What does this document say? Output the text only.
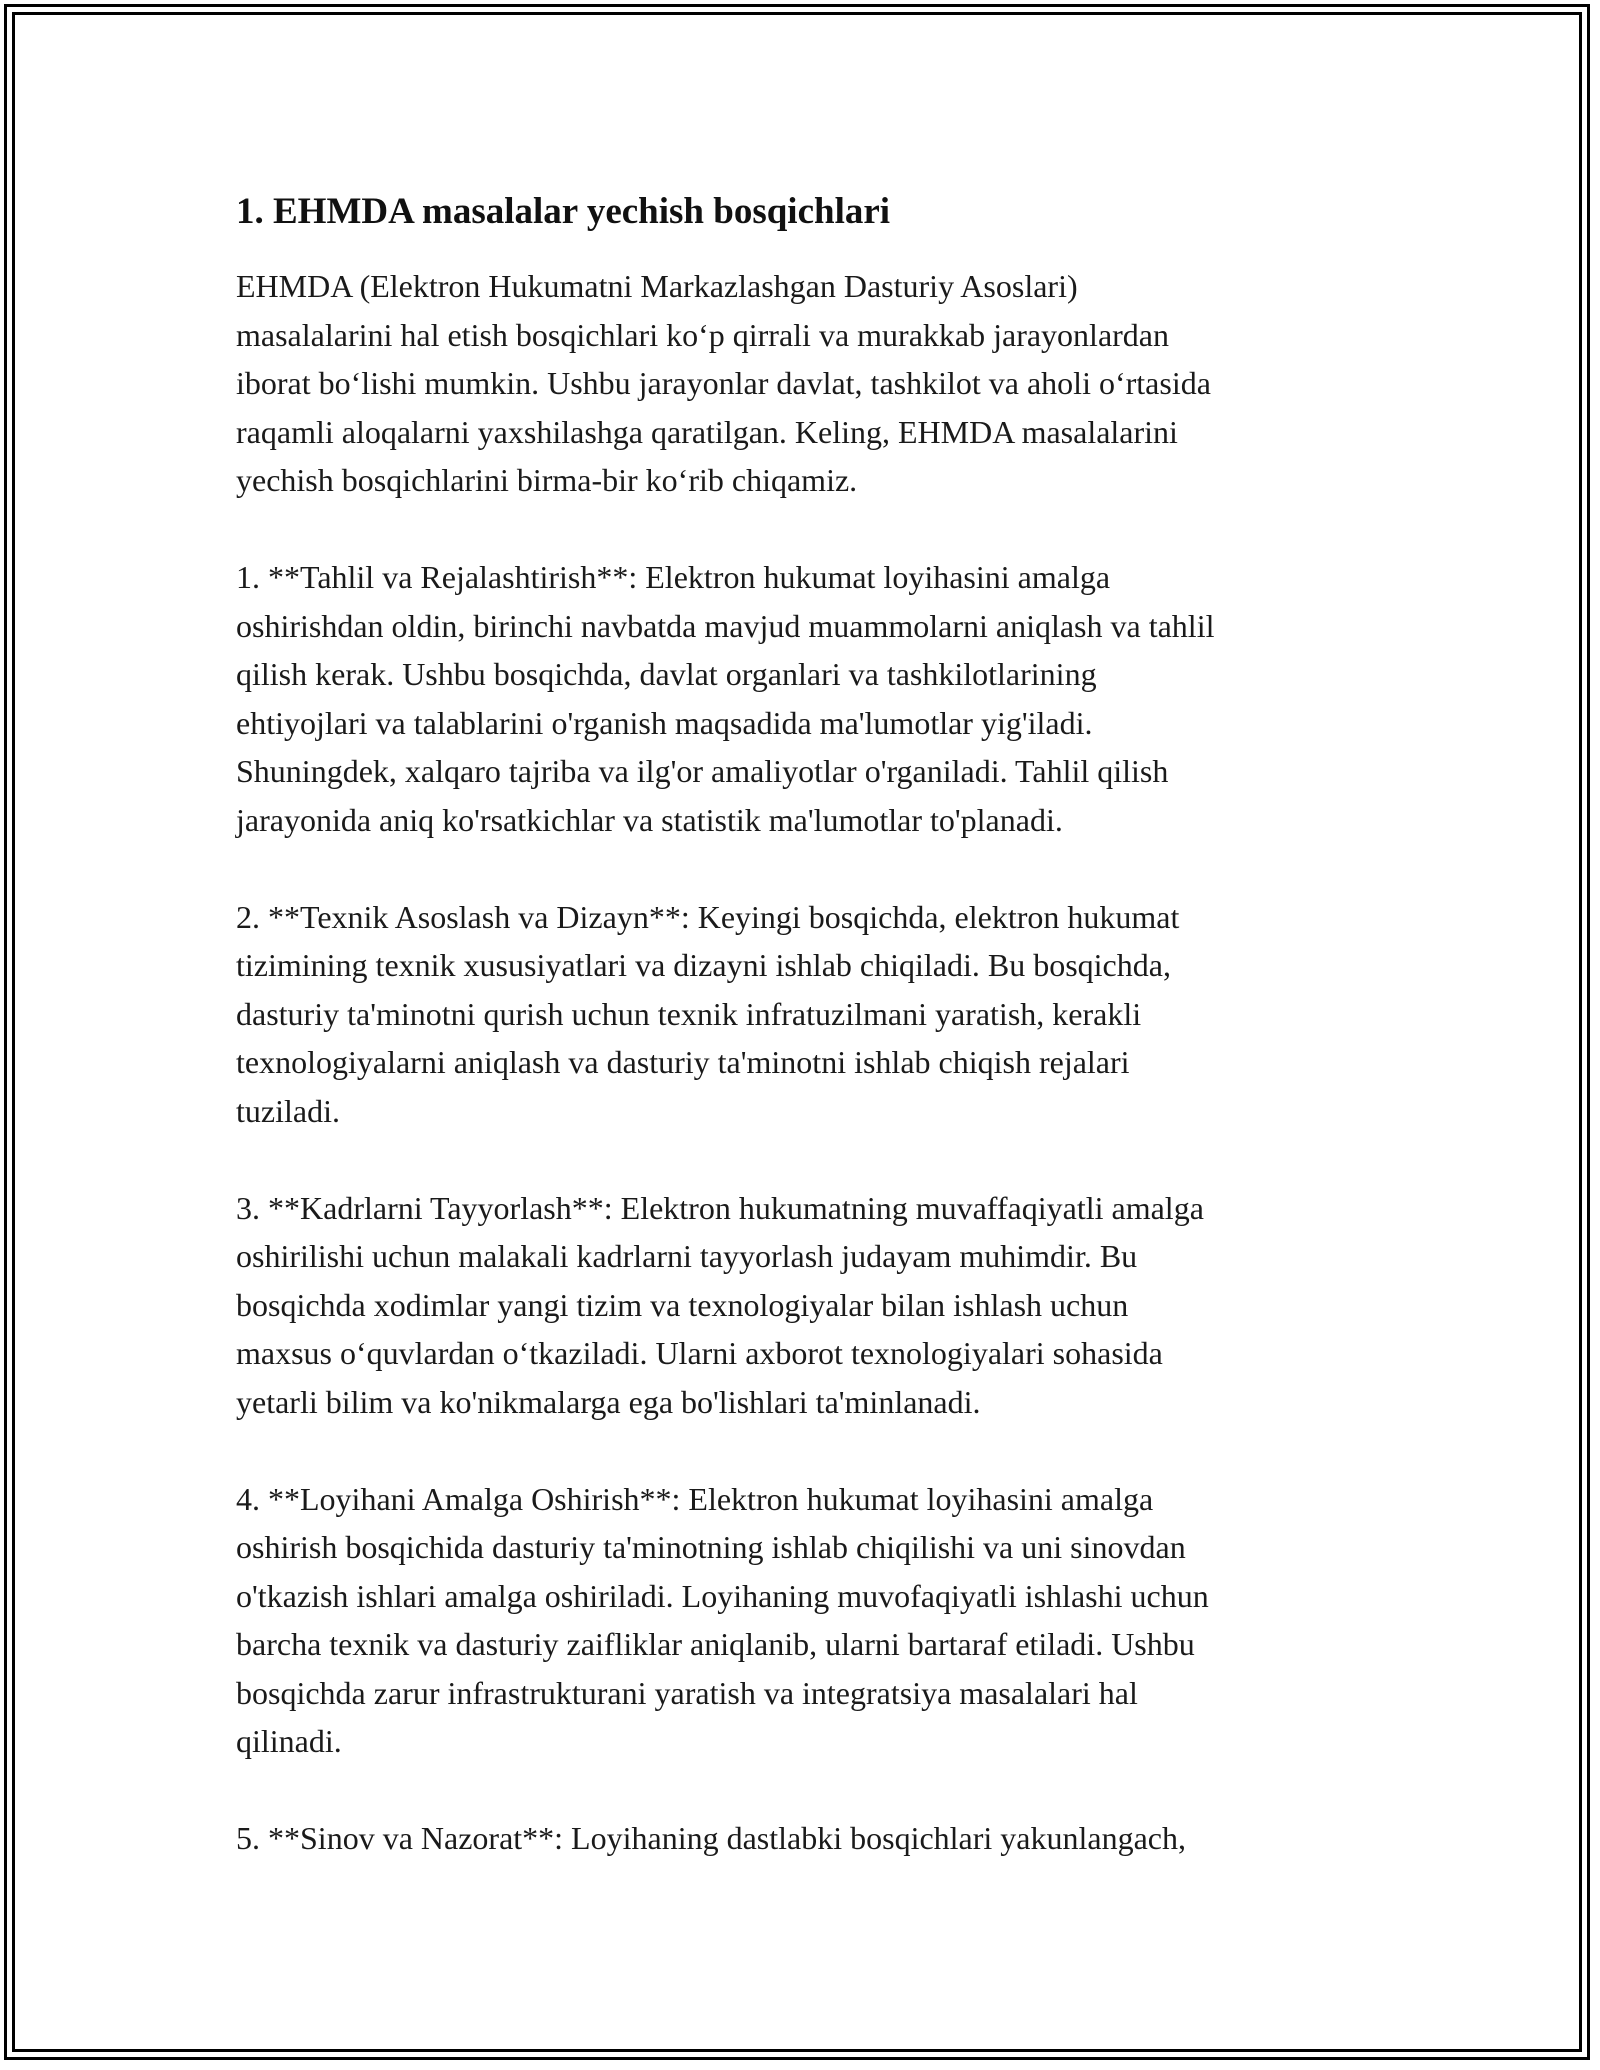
1. EHMDA masalalar yechish bosqichlari

EHMDA (Elektron Hukumatni Markazlashgan Dasturiy Asoslari)
masalalarini hal etish bosqichlari ko‘p qirrali va murakkab jarayonlardan
iborat bo‘lishi mumkin. Ushbu jarayonlar davlat, tashkilot va aholi o‘rtasida
raqamli aloqalarni yaxshilashga qaratilgan. Keling, EHMDA masalalarini
yechish bosqichlarini birma-bir ko‘rib chiqamiz.

1. **Tahlil va Rejalashtirish**: Elektron hukumat loyihasini amalga
oshirishdan oldin, birinchi navbatda mavjud muammolarni aniqlash va tahlil
qilish kerak. Ushbu bosqichda, davlat organlari va tashkilotlarining
ehtiyojlari va talablarini o'rganish maqsadida ma'lumotlar yig'iladi.
Shuningdek, xalqaro tajriba va ilg'or amaliyotlar o'rganiladi. Tahlil qilish
jarayonida aniq ko'rsatkichlar va statistik ma'lumotlar to'planadi.

2. **Texnik Asoslash va Dizayn**: Keyingi bosqichda, elektron hukumat
tizimining texnik xususiyatlari va dizayni ishlab chiqiladi. Bu bosqichda,
dasturiy ta'minotni qurish uchun texnik infratuzilmani yaratish, kerakli
texnologiyalarni aniqlash va dasturiy ta'minotni ishlab chiqish rejalari
tuziladi.

3. **Kadrlarni Tayyorlash**: Elektron hukumatning muvaffaqiyatli amalga
oshirilishi uchun malakali kadrlarni tayyorlash judayam muhimdir. Bu
bosqichda xodimlar yangi tizim va texnologiyalar bilan ishlash uchun
maxsus o‘quvlardan o‘tkaziladi. Ularni axborot texnologiyalari sohasida
yetarli bilim va ko'nikmalarga ega bo'lishlari ta'minlanadi.

4. **Loyihani Amalga Oshirish**: Elektron hukumat loyihasini amalga
oshirish bosqichida dasturiy ta'minotning ishlab chiqilishi va uni sinovdan
o'tkazish ishlari amalga oshiriladi. Loyihaning muvofaqiyatli ishlashi uchun
barcha texnik va dasturiy zaifliklar aniqlanib, ularni bartaraf etiladi. Ushbu
bosqichda zarur infrastrukturani yaratish va integratsiya masalalari hal
qilinadi.

5. **Sinov va Nazorat**: Loyihaning dastlabki bosqichlari yakunlangach,
